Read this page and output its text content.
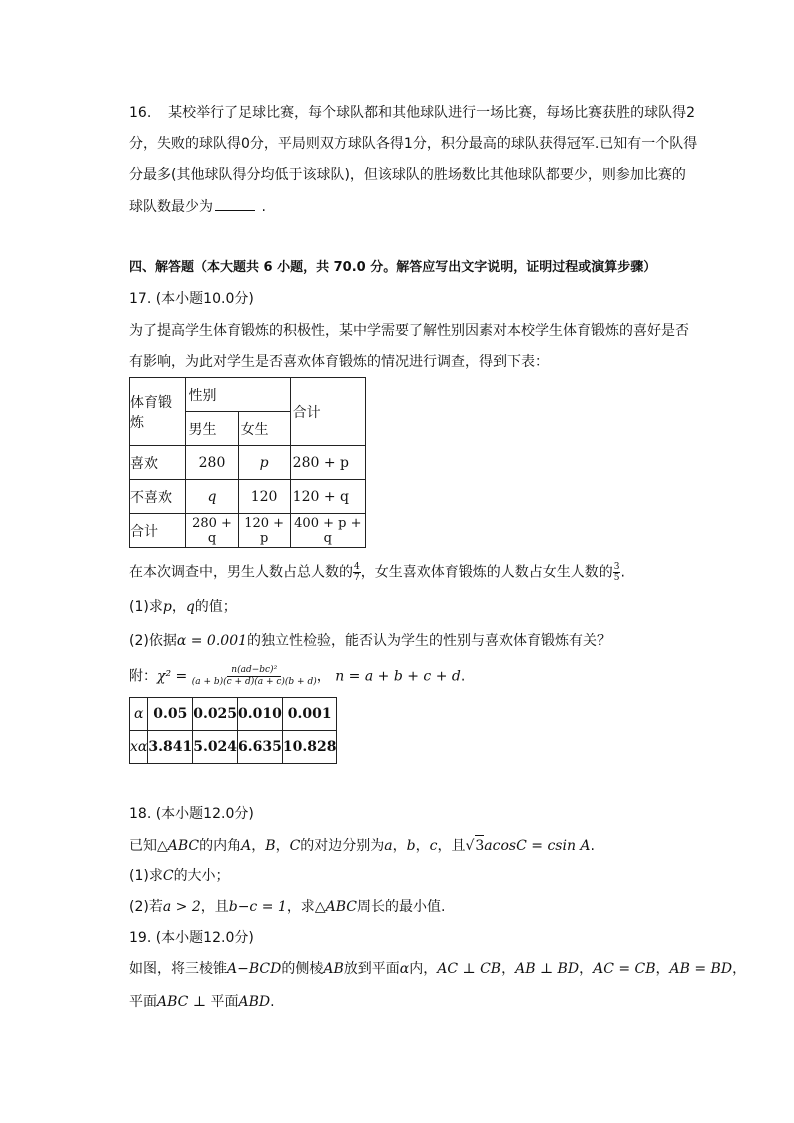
16. 某校举行了足球比赛，每个球队都和其他球队进行一场比赛，每场比赛获胜的球队得2
分，失败的球队得0分，平局则双方球队各得1分，积分最高的球队获得冠军.已知有一个队得
分最多(其他球队得分均低于该球队)，但该球队的胜场数比其他球队都要少，则参加比赛的
球队数最少为	.
四、解答题（本大题共 6 小题，共 70.0 分。解答应写出文字说明，证明过程或演算步骤）
17. (本小题10.0分)
为了提高学生体育锻炼的积极性，某中学需要了解性别因素对本校学生体育锻炼的喜好是否
有影响，为此对学生是否喜欢体育锻炼的情况进行调查，得到下表：
体育锻炼	性别		合计
	男生	女生	
喜欢	280	p	280 + p
不喜欢	q	120	120 + q
合计	280 + q	120 + p	400 + p + q
在本次调查中，男生人数占总人数的 $\frac{4}{7}$ ，女生喜欢体育锻炼的人数占女生人数的 $\frac{3}{5}$ .
(1)求p，q的值；
(2)依据α = 0.001的独立性检验，能否认为学生的性别与喜欢体育锻炼有关？
附：$\chi^2 = \frac{\text{n(ad−bc)²}}{(a + b)(c + d)(a + c)(b + d)}$ ， n = a + b + c + d.
α	0.05	0.025	0.010	0.001
xα	3.841	5.024	6.635	10.828
18. (本小题12.0分)
已知△ABC的内角A，B，C的对边分别为a，b，c，且√3acosC = csin A.
(1)求C的大小；
(2)若a > 2，且b−c = 1，求△ABC周长的最小值.
19. (本小题12.0分)
如图，将三棱锥A−BCD的侧棱AB放到平面α内，AC ⊥ CB，AB ⊥ BD，AC = CB，AB = BD，
平面ABC ⊥ 平面ABD.
